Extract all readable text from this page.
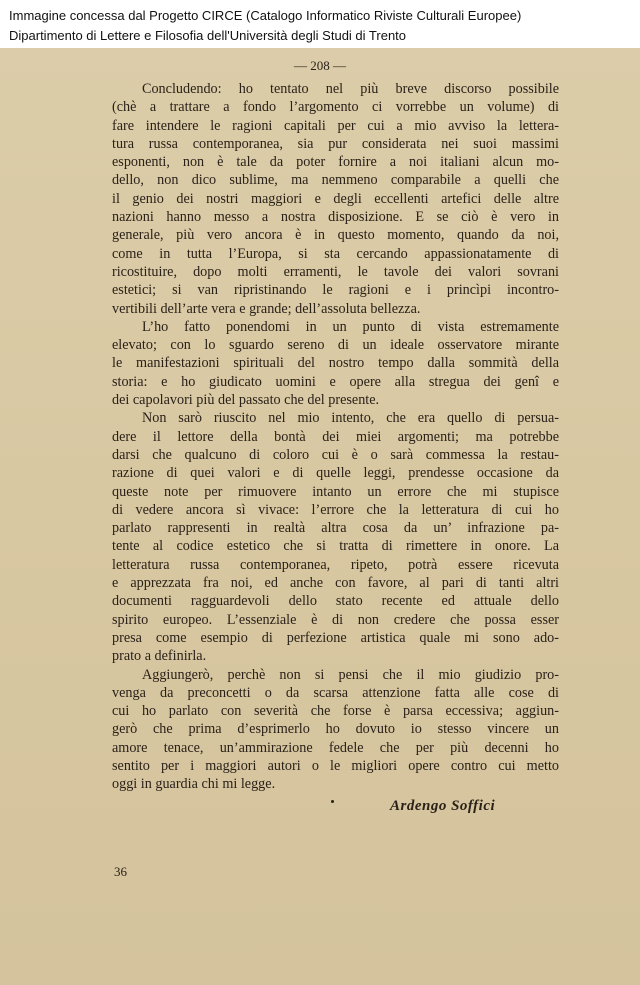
Immagine concessa dal Progetto CIRCE (Catalogo Informatico Riviste Culturali Europee)
Dipartimento di Lettere e Filosofia dell'Università degli Studi di Trento
— 208 —
Concludendo: ho tentato nel più breve discorso possibile
(chè a trattare a fondo l’argomento ci vorrebbe un volume) di
fare intendere le ragioni capitali per cui a mio avviso la lettera-
tura russa contemporanea, sia pur considerata nei suoi massimi
esponenti, non è tale da poter fornire a noi italiani alcun mo-
dello, non dico sublime, ma nemmeno comparabile a quelli che
il genio dei nostri maggiori e degli eccellenti artefici delle altre
nazioni hanno messo a nostra disposizione. E se ciò è vero in
generale, più vero ancora è in questo momento, quando da noi,
come in tutta l’Europa, si sta cercando appassionatamente di
ricostituire, dopo molti erramenti, le tavole dei valori sovrani
estetici; si van ripristinando le ragioni e i princìpi incontro-
vertibili dell’arte vera e grande; dell’assoluta bellezza.
L’ho fatto ponendomi in un punto di vista estremamente
elevato; con lo sguardo sereno di un ideale osservatore mirante
le manifestazioni spirituali del nostro tempo dalla sommità della
storia: e ho giudicato uomini e opere alla stregua dei genî e
dei capolavori più del passato che del presente.
Non sarò riuscito nel mio intento, che era quello di persua-
dere il lettore della bontà dei miei argomenti; ma potrebbe
darsi che qualcuno di coloro cui è o sarà commessa la restau-
razione di quei valori e di quelle leggi, prendesse occasione da
queste note per rimuovere intanto un errore che mi stupisce
di vedere ancora sì vivace: l’errore che la letteratura di cui ho
parlato rappresenti in realtà altra cosa da un’ infrazione pa-
tente al codice estetico che si tratta di rimettere in onore. La
letteratura russa contemporanea, ripeto, potrà essere ricevuta
e apprezzata fra noi, ed anche con favore, al pari di tanti altri
documenti ragguardevoli dello stato recente ed attuale dello
spirito europeo. L’essenziale è di non credere che possa esser
presa come esempio di perfezione artistica quale mi sono ado-
prato a definirla.
Aggiungerò, perchè non si pensi che il mio giudizio pro-
venga da preconcetti o da scarsa attenzione fatta alle cose di
cui ho parlato con severità che forse è parsa eccessiva; aggiun-
gerò che prima d’esprimerlo ho dovuto io stesso vincere un
amore tenace, un’ammirazione fedele che per più decenni ho
sentito per i maggiori autori o le migliori opere contro cui metto
oggi in guardia chi mi legge.
Ardengo Soffici
36
